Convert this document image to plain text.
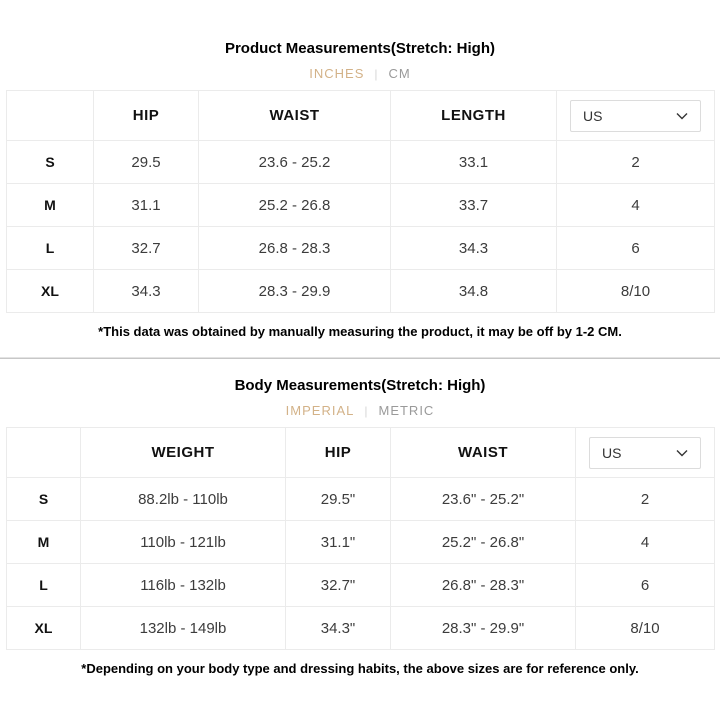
Product Measurements(Stretch: High)
INCHES | CM
	HIP	WAIST	LENGTH	US

S	29.5	23.6 - 25.2	33.1	2
M	31.1	25.2 - 26.8	33.7	4
L	32.7	26.8 - 28.3	34.3	6
XL	34.3	28.3 - 29.9	34.8	8/10
*This data was obtained by manually measuring the product, it may be off by 1-2 CM.
Body Measurements(Stretch: High)
IMPERIAL | METRIC
	WEIGHT	HIP	WAIST	US

S	88.2lb - 110lb	29.5"	23.6" - 25.2"	2
M	110lb - 121lb	31.1"	25.2" - 26.8"	4
L	116lb - 132lb	32.7"	26.8" - 28.3"	6
XL	132lb - 149lb	34.3"	28.3" - 29.9"	8/10
*Depending on your body type and dressing habits, the above sizes are for reference only.
